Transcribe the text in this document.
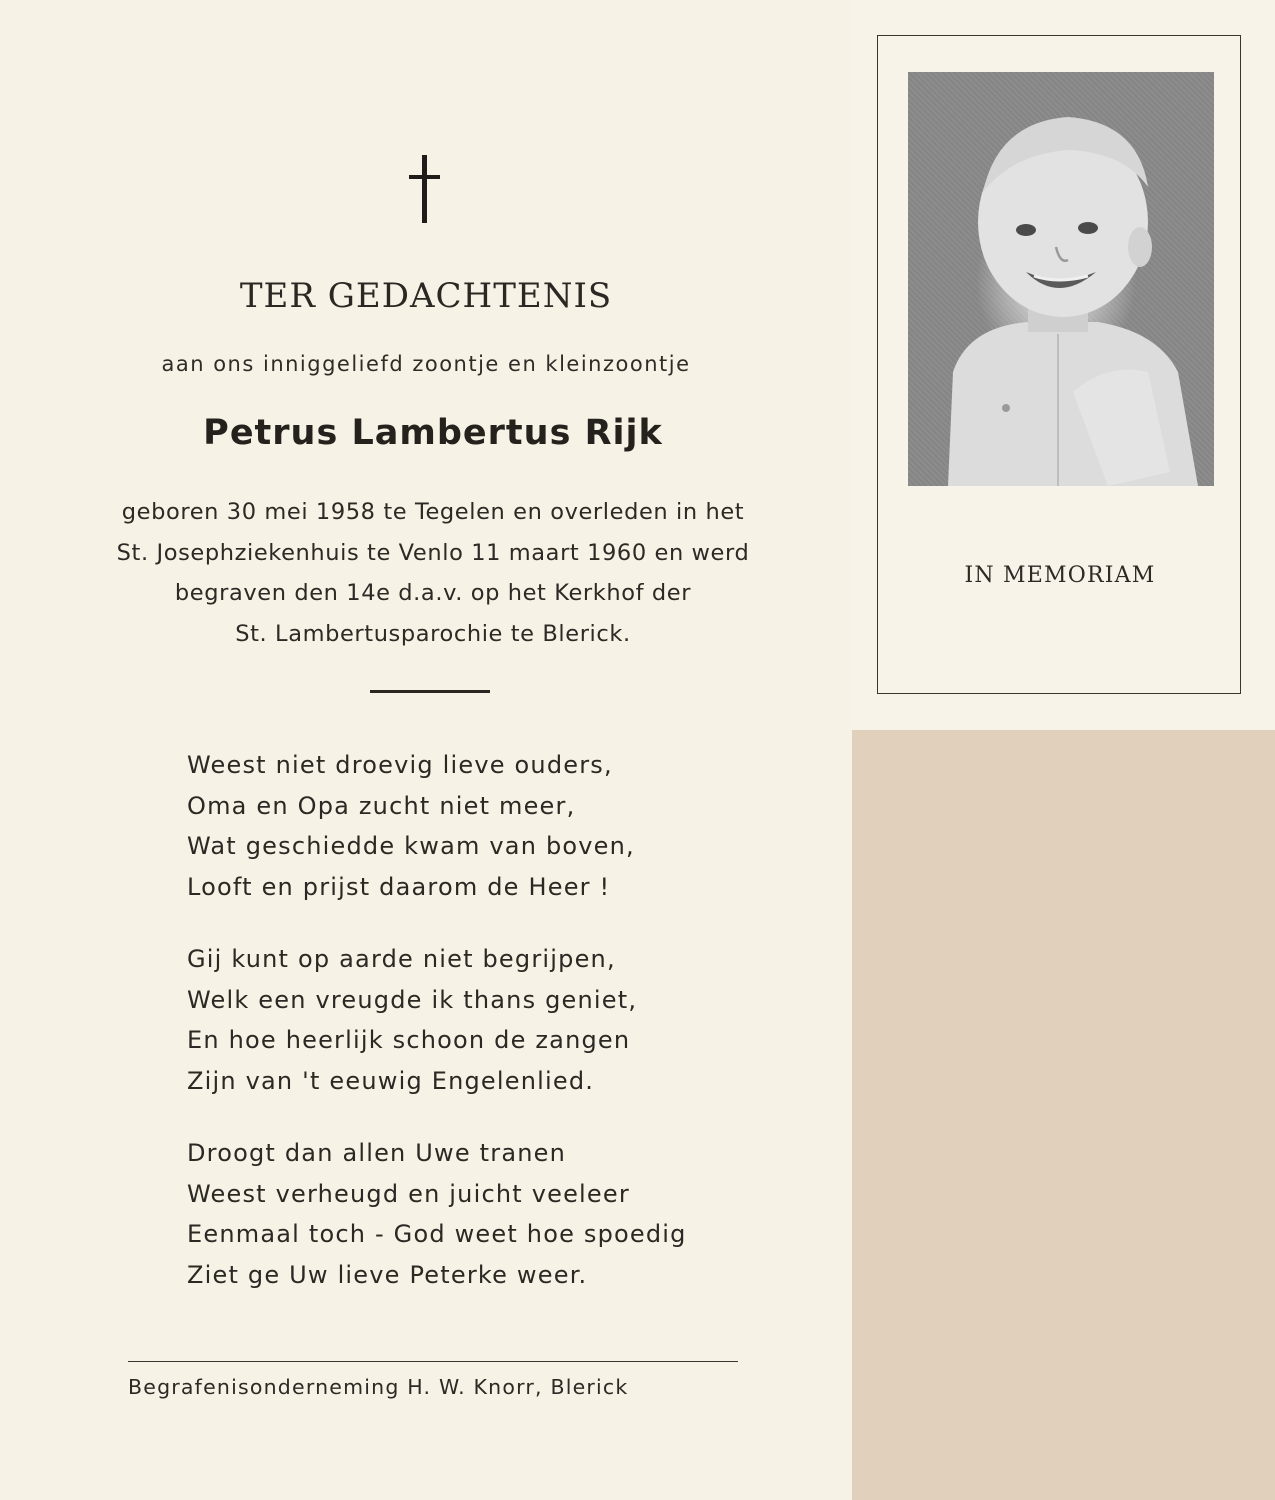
TER GEDACHTENIS
aan ons inniggeliefd zoontje en kleinzoontje
Petrus Lambertus Rijk
geboren 30 mei 1958 te Tegelen en overleden in het
St. Josephziekenhuis te Venlo 11 maart 1960 en werd
begraven den 14e d.a.v. op het Kerkhof der
St. Lambertusparochie te Blerick.
Weest niet droevig lieve ouders,
Oma en Opa zucht niet meer,
Wat geschiedde kwam van boven,
Looft en prijst daarom de Heer !
Gij kunt op aarde niet begrijpen,
Welk een vreugde ik thans geniet,
En hoe heerlijk schoon de zangen
Zijn van 't eeuwig Engelenlied.
Droogt dan allen Uwe tranen
Weest verheugd en juicht veeleer
Eenmaal toch - God weet hoe spoedig
Ziet ge Uw lieve Peterke weer.
Begrafenisonderneming H. W. Knorr, Blerick
IN MEMORIAM
